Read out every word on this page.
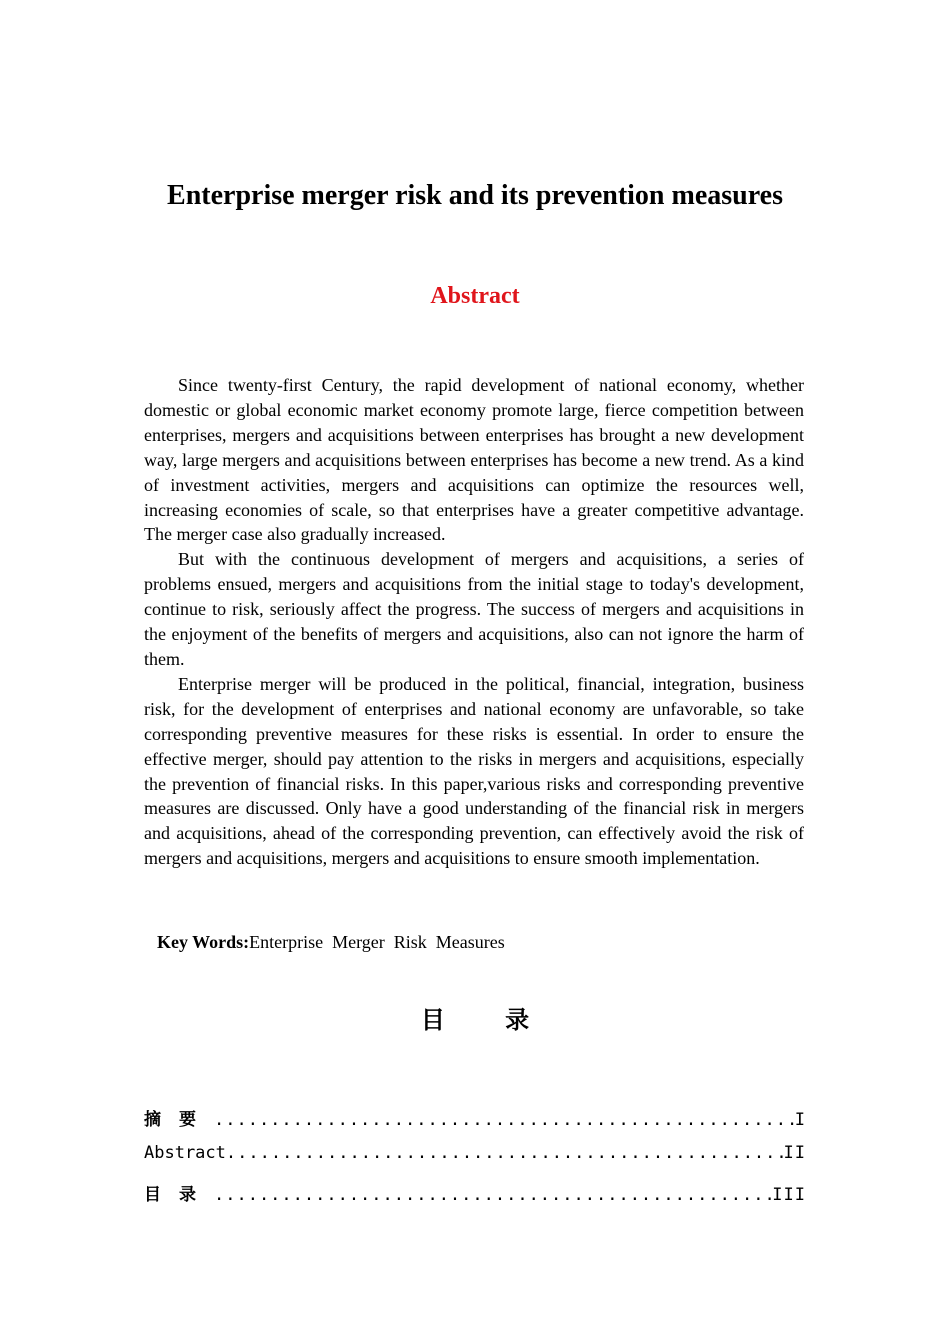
Enterprise merger risk and its prevention measures
Abstract

Since twenty-first Century, the rapid development of national economy, whether domestic or global economic market economy promote large, fierce competition between enterprises, mergers and acquisitions between enterprises has brought a new development way, large mergers and acquisitions between enterprises has become a new trend. As a kind of investment activities, mergers and acquisitions can optimize the resources well, increasing economies of scale, so that enterprises have a greater competitive advantage. The merger case also gradually increased.

But with the continuous development of mergers and acquisitions, a series of problems ensued, mergers and acquisitions from the initial stage to today's development, continue to risk, seriously affect the progress. The success of mergers and acquisitions in the enjoyment of the benefits of mergers and acquisitions, also can not ignore the harm of them.

Enterprise merger will be produced in the political, financial, integration, business risk, for the development of enterprises and national economy are unfavorable, so take corresponding preventive measures for these risks is essential. In order to ensure the effective merger, should pay attention to the risks in mergers and acquisitions, especially the prevention of financial risks. In this paper,various risks and corresponding preventive measures are discussed. Only have a good understanding of the financial risk in mergers and acquisitions, ahead of the corresponding prevention, can effectively avoid the risk of mergers and acquisitions, mergers and acquisitions to ensure smooth implementation.

Key Words:Enterprise  Merger  Risk  Measures
目 录
摘要 .....	I
Abstract .....	II
目录 .....	III
